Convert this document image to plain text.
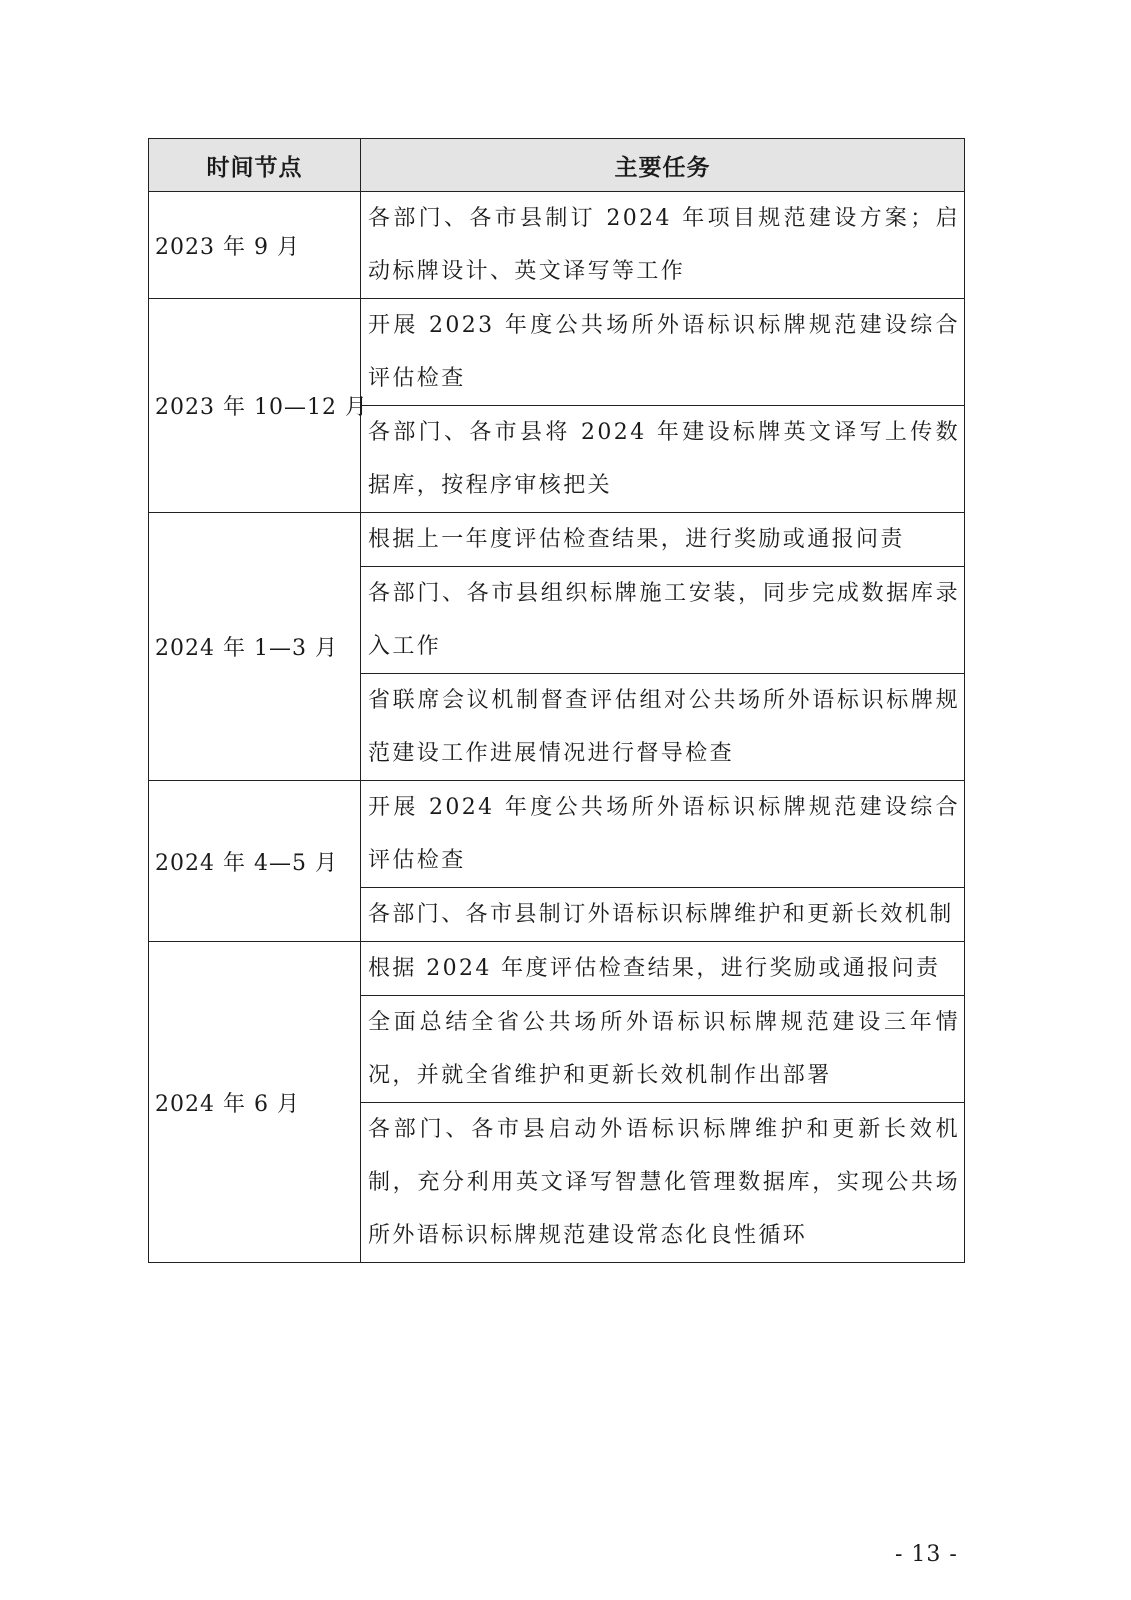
时间节点	主要任务
2023 年 9 月	各部门、各市县制订 2024 年项目规范建设方案；启动标牌设计、英文译写等工作
2023 年 10—12 月	开展 2023 年度公共场所外语标识标牌规范建设综合评估检查
	各部门、各市县将 2024 年建设标牌英文译写上传数据库，按程序审核把关
2024 年 1—3 月	根据上一年度评估检查结果，进行奖励或通报问责
	各部门、各市县组织标牌施工安装，同步完成数据库录入工作
	省联席会议机制督查评估组对公共场所外语标识标牌规范建设工作进展情况进行督导检查
2024 年 4—5 月	开展 2024 年度公共场所外语标识标牌规范建设综合评估检查
	各部门、各市县制订外语标识标牌维护和更新长效机制
2024 年 6 月	根据 2024 年度评估检查结果，进行奖励或通报问责
	全面总结全省公共场所外语标识标牌规范建设三年情况，并就全省维护和更新长效机制作出部署
	各部门、各市县启动外语标识标牌维护和更新长效机制，充分利用英文译写智慧化管理数据库，实现公共场所外语标识标牌规范建设常态化良性循环
- 13 -
